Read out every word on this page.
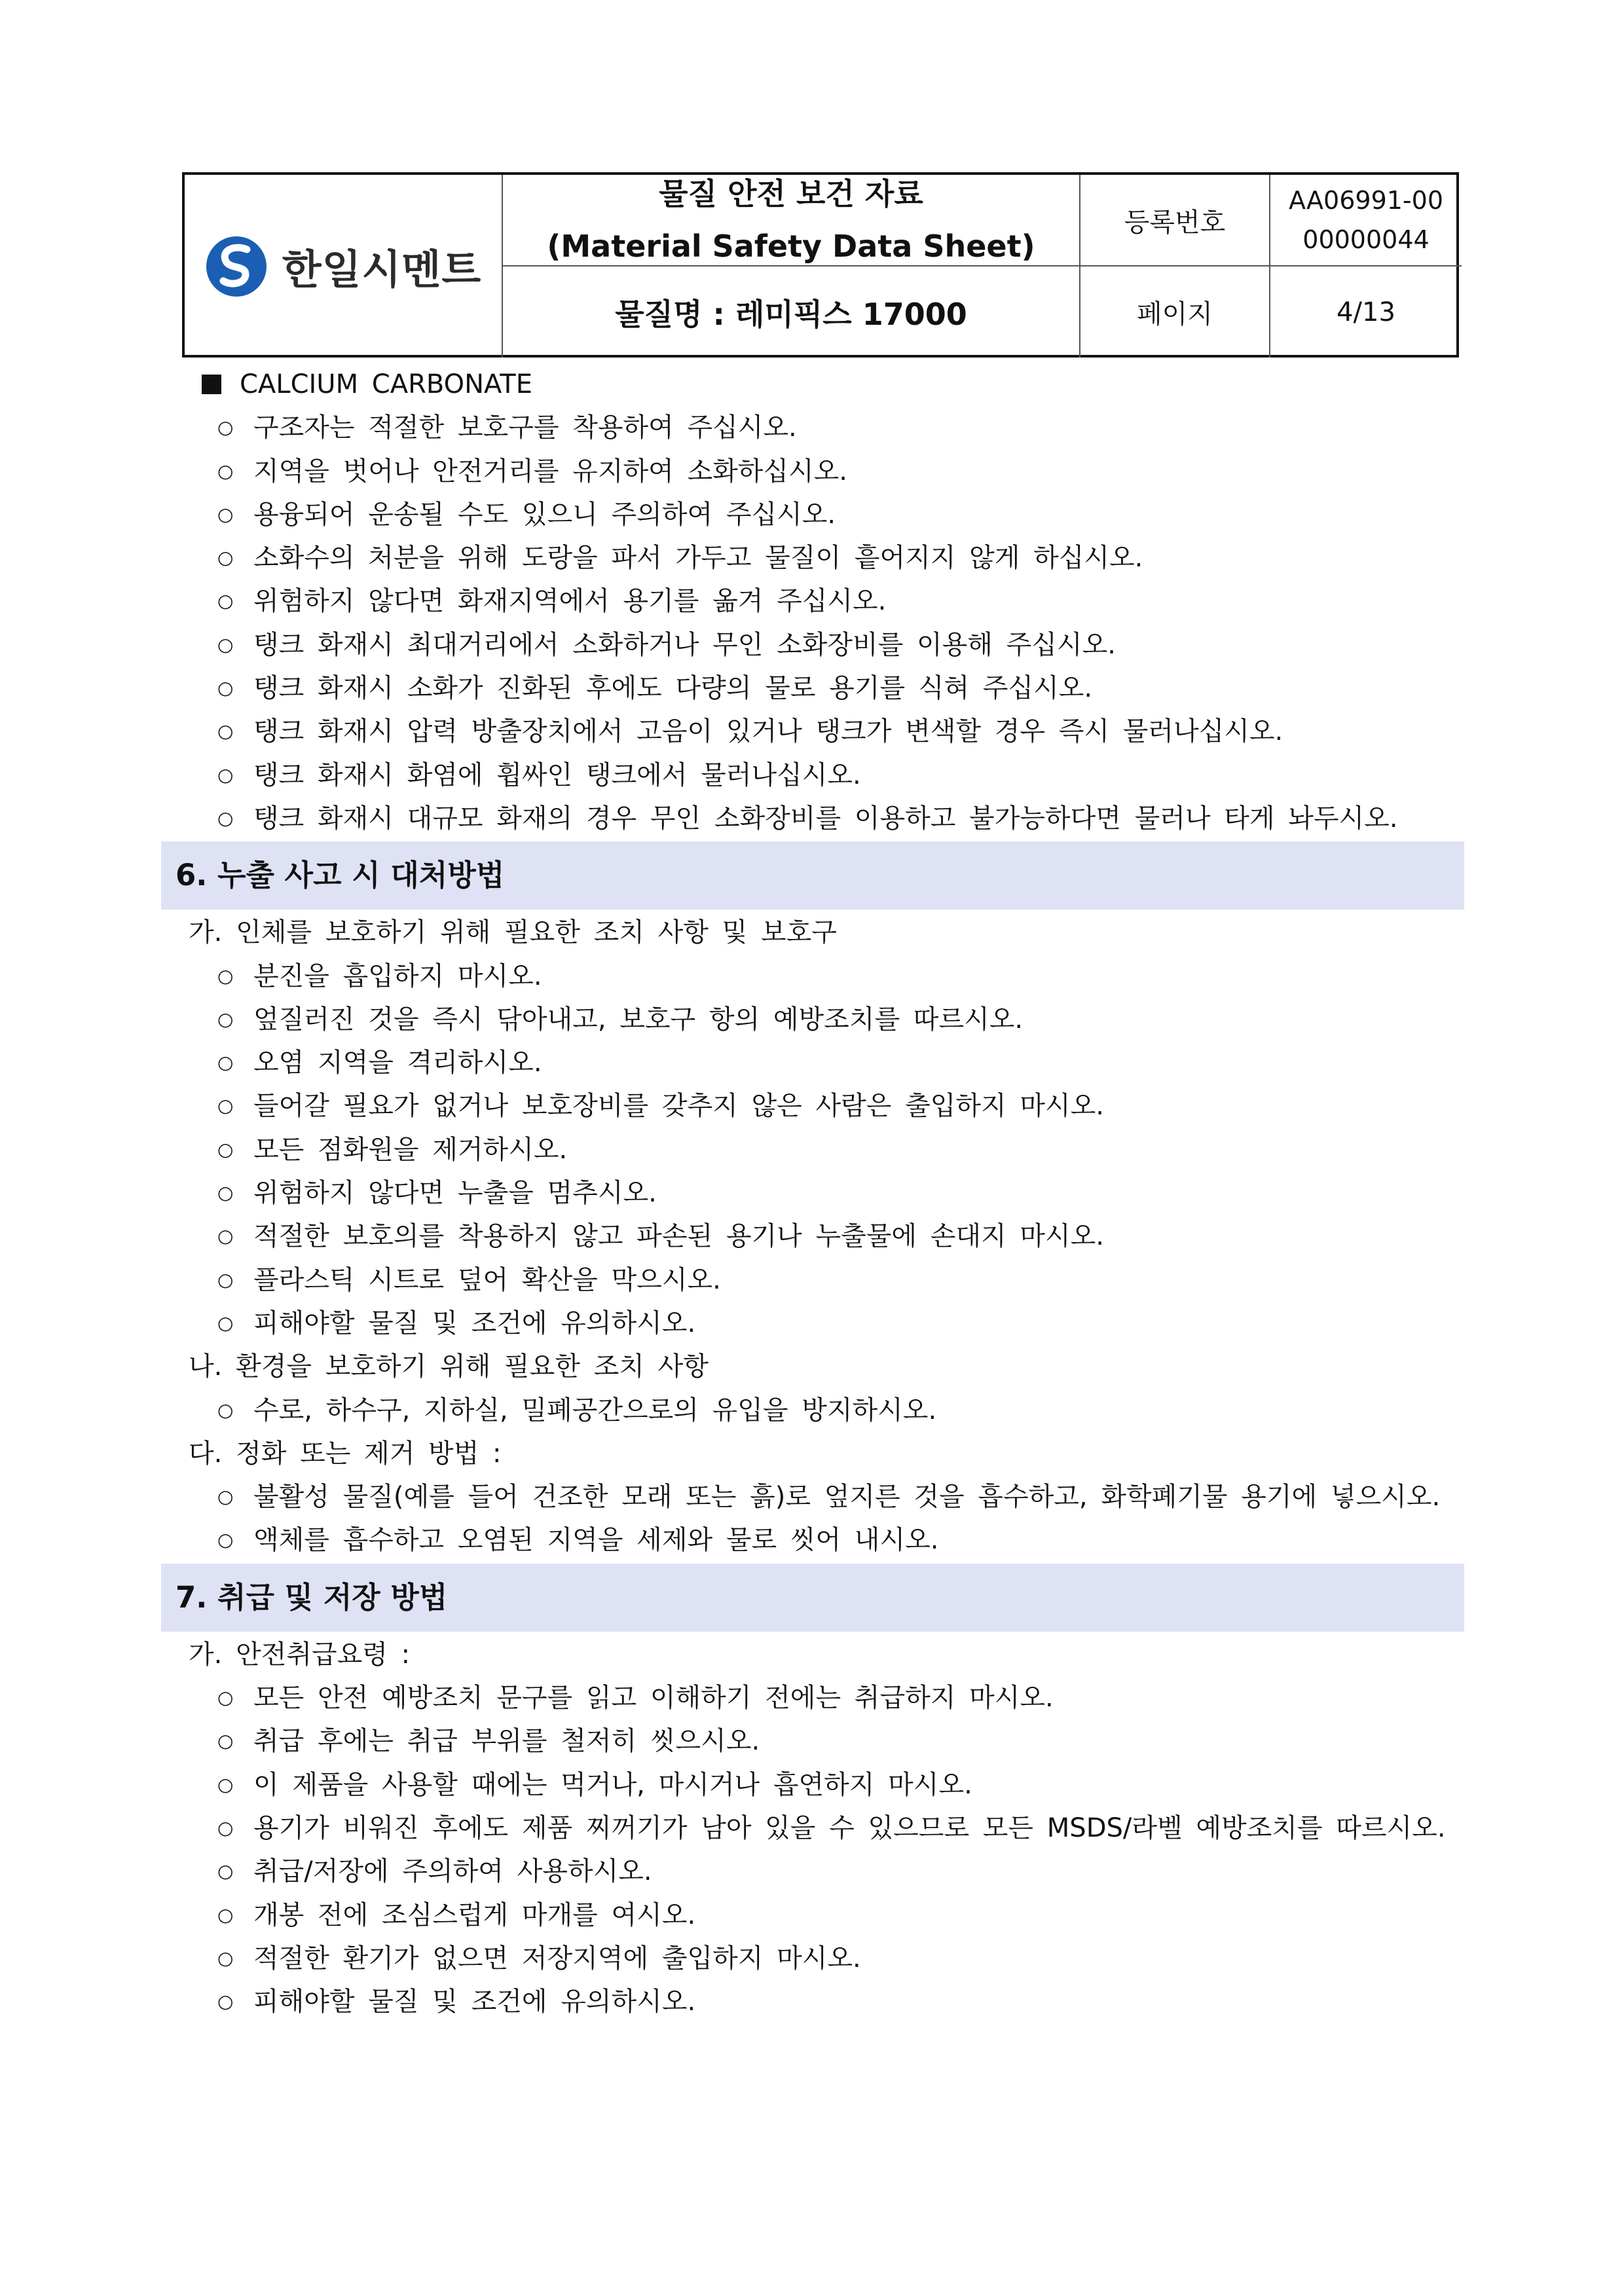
한일시멘트
물질 안전 보건 자료
(Material Safety Data Sheet)
등록번호
AA06991-00
00000044
물질명 : 레미픽스 17000	페이지	4/13
CALCIUM CARBONATE
○ 구조자는 적절한 보호구를 착용하여 주십시오.
○ 지역을 벗어나 안전거리를 유지하여 소화하십시오.
○ 용융되어 운송될 수도 있으니 주의하여 주십시오.
○ 소화수의 처분을 위해 도랑을 파서 가두고 물질이 흩어지지 않게 하십시오.
○ 위험하지 않다면 화재지역에서 용기를 옮겨 주십시오.
○ 탱크 화재시 최대거리에서 소화하거나 무인 소화장비를 이용해 주십시오.
○ 탱크 화재시 소화가 진화된 후에도 다량의 물로 용기를 식혀 주십시오.
○ 탱크 화재시 압력 방출장치에서 고음이 있거나 탱크가 변색할 경우 즉시 물러나십시오.
○ 탱크 화재시 화염에 휩싸인 탱크에서 물러나십시오.
○ 탱크 화재시 대규모 화재의 경우 무인 소화장비를 이용하고 불가능하다면 물러나 타게 놔두시오.
6. 누출 사고 시 대처방법
가. 인체를 보호하기 위해 필요한 조치 사항 및 보호구
○ 분진을 흡입하지 마시오.
○ 엎질러진 것을 즉시 닦아내고, 보호구 항의 예방조치를 따르시오.
○ 오염 지역을 격리하시오.
○ 들어갈 필요가 없거나 보호장비를 갖추지 않은 사람은 출입하지 마시오.
○ 모든 점화원을 제거하시오.
○ 위험하지 않다면 누출을 멈추시오.
○ 적절한 보호의를 착용하지 않고 파손된 용기나 누출물에 손대지 마시오.
○ 플라스틱 시트로 덮어 확산을 막으시오.
○ 피해야할 물질 및 조건에 유의하시오.
나. 환경을 보호하기 위해 필요한 조치 사항
○ 수로, 하수구, 지하실, 밀폐공간으로의 유입을 방지하시오.
다. 정화 또는 제거 방법 :
○ 불활성 물질(예를 들어 건조한 모래 또는 흙)로 엎지른 것을 흡수하고, 화학폐기물 용기에 넣으시오.
○ 액체를 흡수하고 오염된 지역을 세제와 물로 씻어 내시오.
7. 취급 및 저장 방법
가. 안전취급요령 :
○ 모든 안전 예방조치 문구를 읽고 이해하기 전에는 취급하지 마시오.
○ 취급 후에는 취급 부위를 철저히 씻으시오.
○ 이 제품을 사용할 때에는 먹거나, 마시거나 흡연하지 마시오.
○ 용기가 비워진 후에도 제품 찌꺼기가 남아 있을 수 있으므로 모든 MSDS/라벨 예방조치를 따르시오.
○ 취급/저장에 주의하여 사용하시오.
○ 개봉 전에 조심스럽게 마개를 여시오.
○ 적절한 환기가 없으면 저장지역에 출입하지 마시오.
○ 피해야할 물질 및 조건에 유의하시오.
